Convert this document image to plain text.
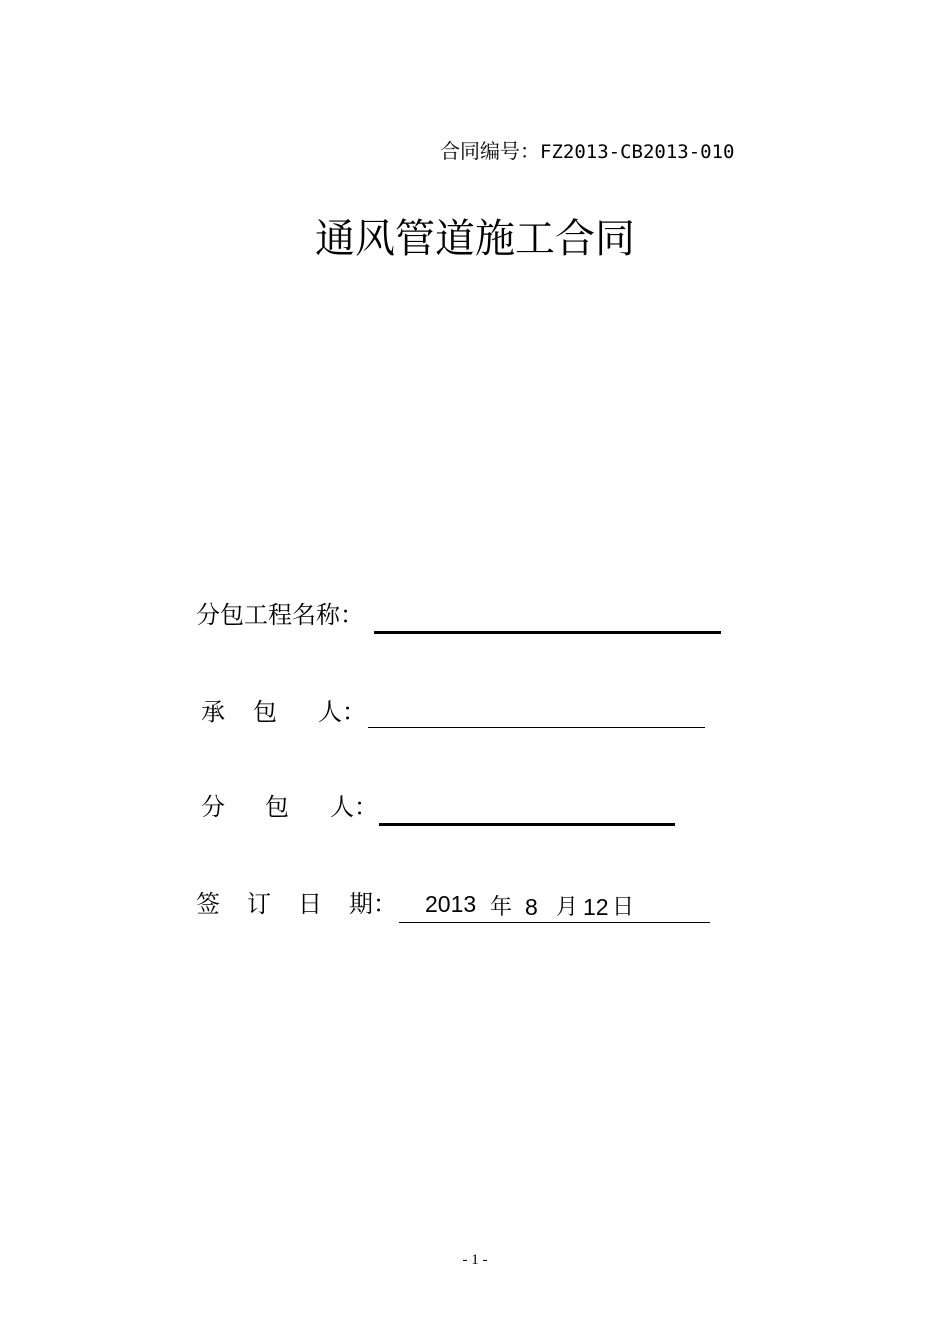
合同编号：FZ2013-CB2013-010
通风管道施工合同
分包工程名称：
承 包 人：
分 包 人：
签 订 日 期： 2013 年 8 月 12 日
- 1 -
